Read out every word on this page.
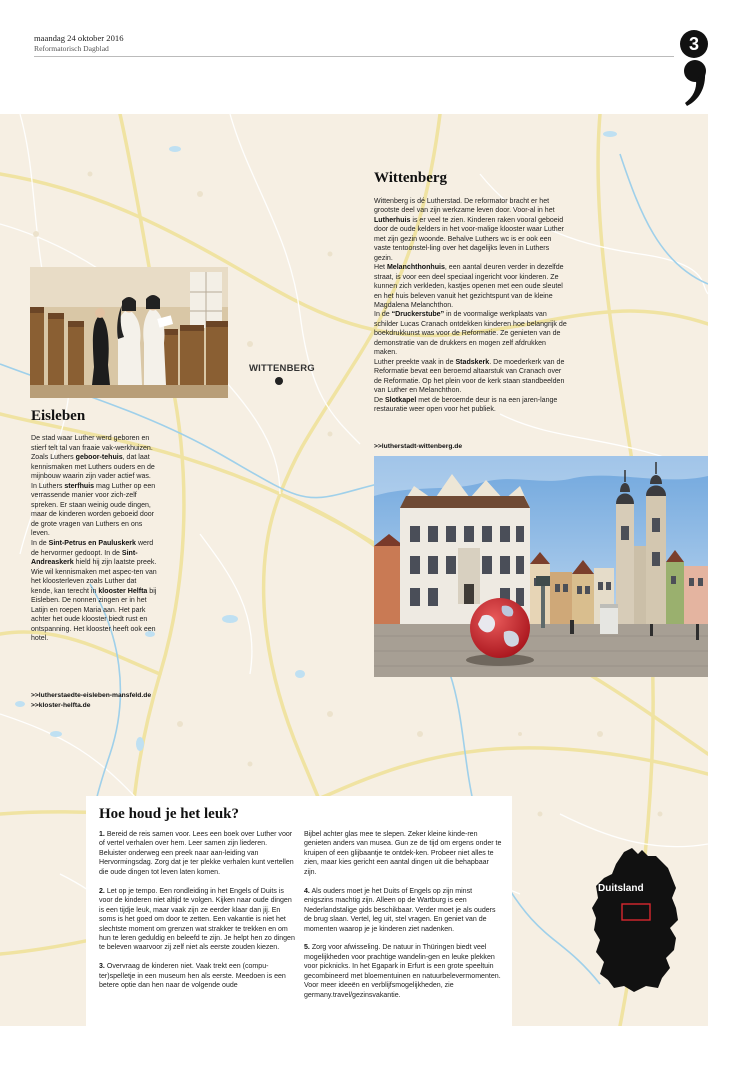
maandag 24 oktober 2016
Reformatorisch Dagblad	3
WITTENBERG
Eisleben
De stad waar Luther werd geboren en stierf telt tal van fraaie vak-werkhuizen. Zoals Luthers geboor-tehuis, dat laat kennismaken met Luthers ouders en de mijnbouw waarin zijn vader actief was.
In Luthers sterfhuis mag Luther op een verrassende manier voor zich-zelf spreken. Er staan weinig oude dingen, maar de kinderen worden geboeid door de grote vragen van Luthers en ons leven.
In de Sint-Petrus en Pauluskerk werd de hervormer gedoopt. In de Sint-Andreaskerk hield hij zijn laatste preek.
Wie wil kennismaken met aspec-ten van het kloosterleven zoals Luther dat kende, kan terecht in klooster Helfta bij Eisleben. De nonnen zingen er in het Latijn en roepen Maria aan. Het park achter het oude klooster biedt rust en ontspanning. Het klooster heeft ook een hotel.
>>lutherstaedte-eisleben-mansfeld.de
>>kloster-helfta.de
Wittenberg
Wittenberg is dé Lutherstad. De reformator bracht er het grootste deel van zijn werkzame leven door. Voor-al in het Lutherhuis is er veel te zien. Kinderen raken vooral geboeid door de oude kelders in het voor-malige klooster waar Luther met zijn gezin woonde. Behalve Luthers wc is er ook een vaste tentoonstel-ling over het dagelijks leven in Luthers gezin.
Het Melanchthonhuis, een aantal deuren verder in dezelfde straat, is voor een deel speciaal ingericht voor kinderen. Ze kunnen zich verkleden, kastjes openen met een oude sleutel en het huis beleven vanuit het gezichtspunt van de kleine Magdalena Melanchthon.
In de “Druckerstube” in de voormalige werkplaats van schilder Lucas Cranach ontdekken kinderen hoe belangrijk de boekdrukkunst was voor de Reformatie. Ze genieten van de demonstratie van de drukkers en mogen zelf afdrukken maken.
Luther preekte vaak in de Stadskerk. De moederkerk van de Reformatie bevat een beroemd altaarstuk van Cranach over de Reformatie. Op het plein voor de kerk staan standbeelden van Luther en Melanchthon.
De Slotkapel met de beroemde deur is na een jaren-lange restauratie weer open voor het publiek.
>>lutherstadt-wittenberg.de
Hoe houd je het leuk?

1. Bereid de reis samen voor. Lees een boek over Luther voor of vertel verhalen over hem. Leer samen zijn liederen. Beluister onderweg een preek naar aan-leiding van Hervormingsdag. Zorg dat je ter plekke verhalen kunt vertellen die oude dingen tot leven laten komen.

2. Let op je tempo. Een rondleiding in het Engels of Duits is voor de kinderen niet altijd te volgen. Kijken naar oude dingen is een tijdje leuk, maar vaak zijn ze eerder klaar dan jij. En soms is het goed om door te zetten. Een vakantie is niet het slechtste moment om grenzen wat strakker te trekken en om hun te leren geduldig en beleefd te zijn. Je helpt hen zo dingen te beleven waarvoor zij zelf niet als eerste zouden kiezen.

3. Overvraag de kinderen niet. Vaak trekt een (compu-ter)spelletje in een museum hen als eerste. Meedoen is een betere optie dan hen naar de volgende oude

Bijbel achter glas mee te slepen. Zeker kleine kinde-ren genieten anders van musea. Gun ze de tijd om ergens onder te kruipen of een glijbaantje te ontdek-ken. Probeer niet alles te zien, maar kies gericht een aantal dingen uit die behapbaar zijn.

4. Als ouders moet je het Duits of Engels op zijn minst enigszins machtig zijn. Alleen op de Wartburg is een Nederlandstalige gids beschikbaar. Verder moet je als ouders de brug slaan. Vertel, leg uit, stel vragen. En geniet van de momenten waarop je je kinderen ziet nadenken.

5. Zorg voor afwisseling. De natuur in Thüringen biedt veel mogelijkheden voor prachtige wandelin-gen en leuke plekken voor picknicks. In het Egapark in Erfurt is een grote speeltuin gecombineerd met bloementuinen en natuurbelevermomenten. Voor meer ideeën en verblijfsmogelijkheden, zie germany.travel/gezinsvakantie.

Duitsland
